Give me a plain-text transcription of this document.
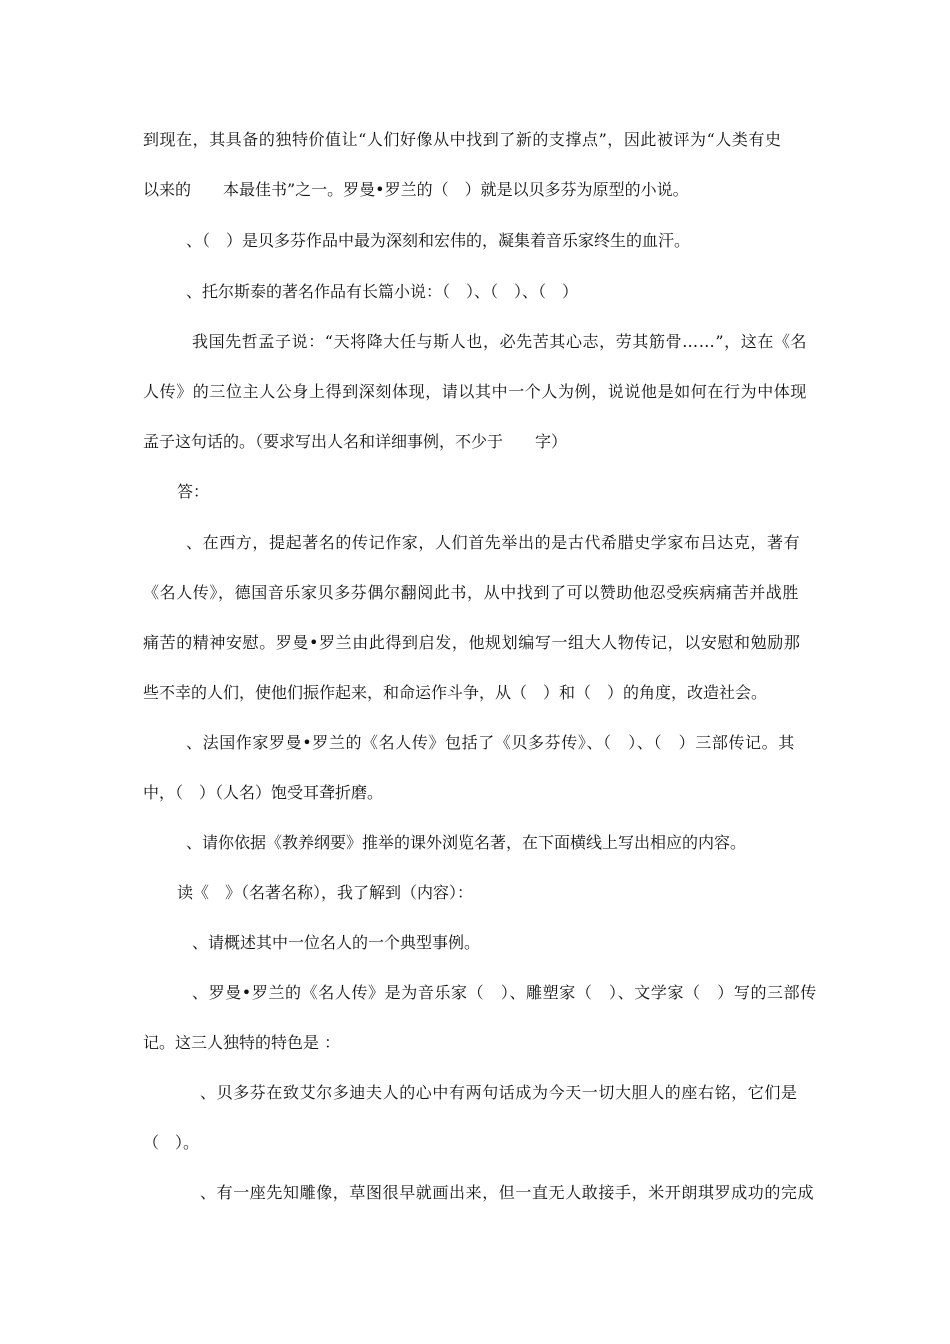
到现在，其具备的独特价值让“人们好像从中找到了新的支撑点”，因此被评为“人类有史
以来的　　本最佳书”之一。罗曼•罗兰的（　）就是以贝多芬为原型的小说。
、（　）是贝多芬作品中最为深刻和宏伟的，凝集着音乐家终生的血汗。
、托尔斯泰的著名作品有长篇小说：（　）、（　）、（　）
我国先哲孟子说：“天将降大任与斯人也，必先苦其心志，劳其筋骨……”，这在《名
人传》的三位主人公身上得到深刻体现，请以其中一个人为例，说说他是如何在行为中体现
孟子这句话的。（要求写出人名和详细事例，不少于　　字）
答：
、在西方，提起著名的传记作家，人们首先举出的是古代希腊史学家布吕达克，著有
《名人传》，德国音乐家贝多芬偶尔翻阅此书，从中找到了可以赞助他忍受疾病痛苦并战胜
痛苦的精神安慰。罗曼•罗兰由此得到启发，他规划编写一组大人物传记，以安慰和勉励那
些不幸的人们，使他们振作起来，和命运作斗争，从（　）和（　）的角度，改造社会。
、法国作家罗曼•罗兰的《名人传》包括了《贝多芬传》、（　）、（　）三部传记。其
中，（　）（人名）饱受耳聋折磨。
、请你依据《教养纲要》推举的课外浏览名著，在下面横线上写出相应的内容。
读《　》（名著名称），我了解到（内容）：
、请概述其中一位名人的一个典型事例。
、罗曼•罗兰的《名人传》是为音乐家（　）、雕塑家（　）、文学家（　）写的三部传
记。这三人独特的特色是 ：
、贝多芬在致艾尔多迪夫人的心中有两句话成为今天一切大胆人的座右铭，它们是
（　）。
、有一座先知雕像，草图很早就画出来，但一直无人敢接手，米开朗琪罗成功的完成
